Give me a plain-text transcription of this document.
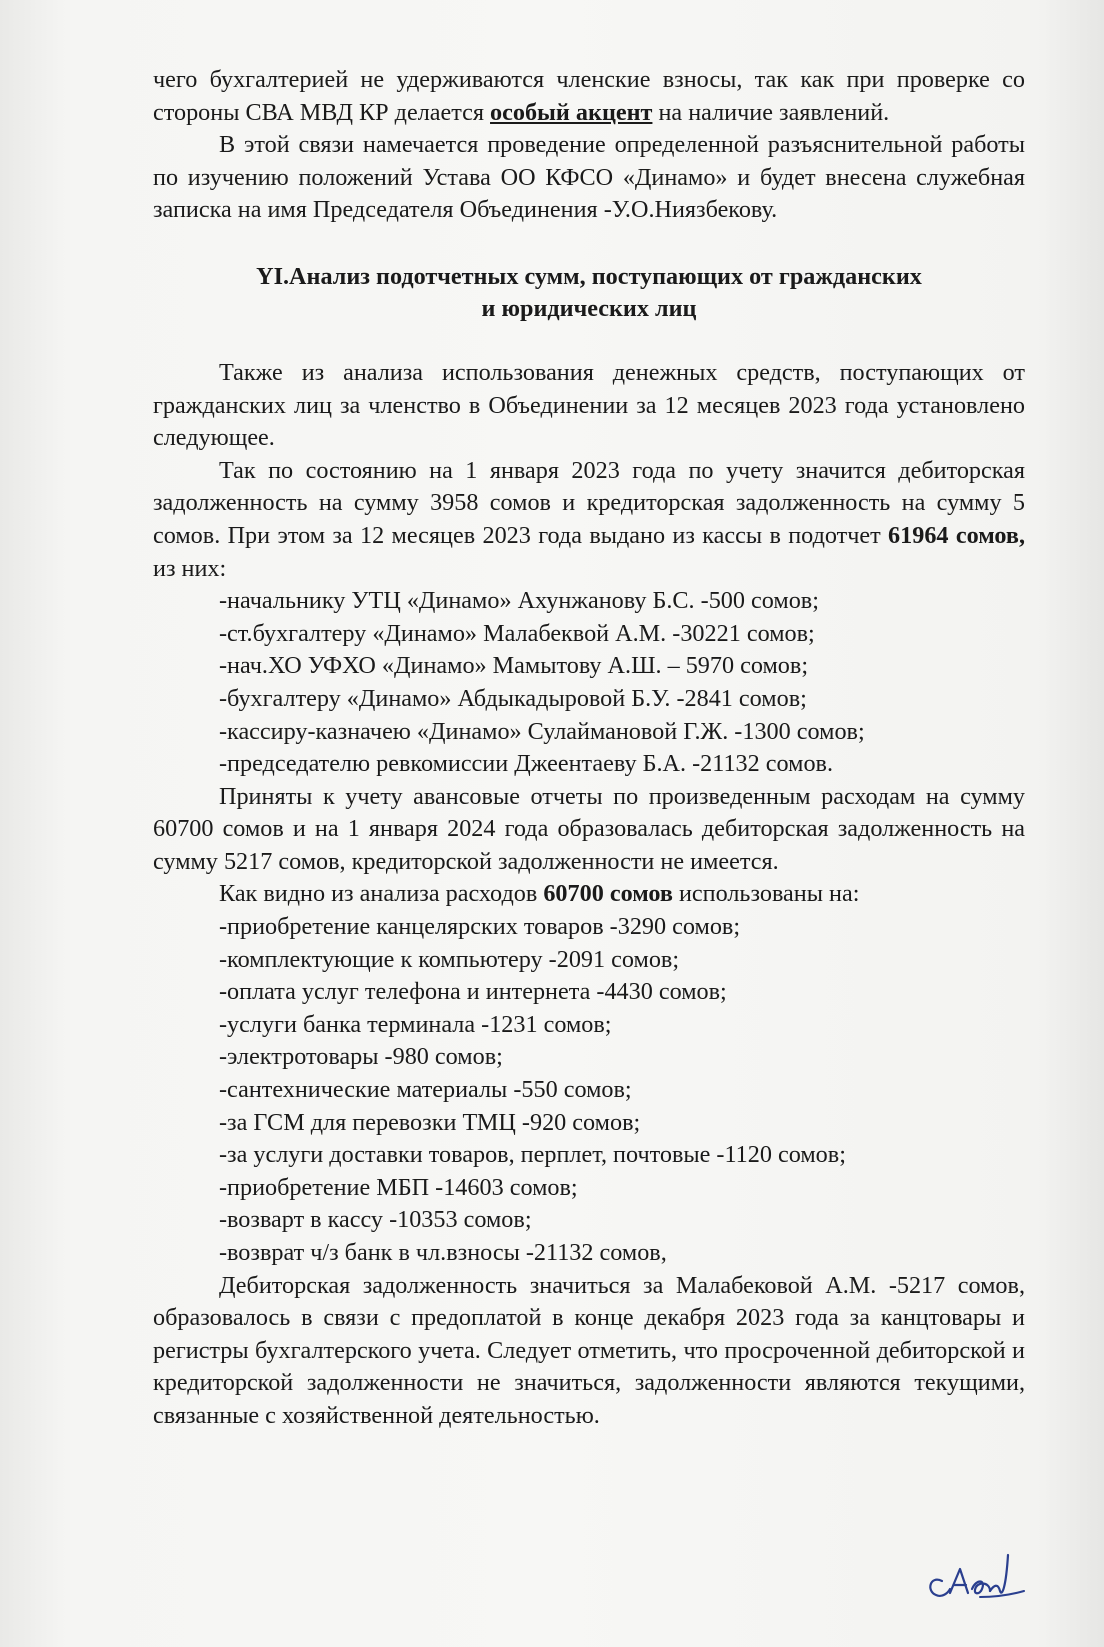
чего бухгалтерией не удерживаются членские взносы, так как при проверке со стороны СВА МВД КР делается особый акцент на наличие заявлений.

В этой связи намечается проведение определенной разъяснительной работы по изучению положений Устава ОО КФСО «Динамо» и будет внесена служебная записка на имя Председателя Объединения -У.О.Ниязбекову.

YI.Анализ подотчетных сумм, поступающих от гражданских
и юридических лиц

Также из анализа использования денежных средств, поступающих от гражданских лиц за членство в Объединении за 12 месяцев 2023 года установлено следующее.

Так по состоянию на 1 января 2023 года по учету значится дебиторская задолженность на сумму 3958 сомов и кредиторская задолженность на сумму 5 сомов. При этом за 12 месяцев 2023 года выдано из кассы в подотчет 61964 сомов, из них:

-начальнику УТЦ «Динамо» Ахунжанову Б.С. -500 сомов;

-ст.бухгалтеру «Динамо» Малабеквой А.М. -30221 сомов;

-нач.ХО УФХО «Динамо» Мамытову А.Ш. – 5970 сомов;

-бухгалтеру «Динамо» Абдыкадыровой Б.У. -2841 сомов;

-кассиру-казначею «Динамо» Сулаймановой Г.Ж. -1300 сомов;

-председателю ревкомиссии Джеентаеву Б.А. -21132 сомов.

Приняты к учету авансовые отчеты по произведенным расходам на сумму 60700 сомов и на 1 января 2024 года образовалась дебиторская задолженность на сумму 5217 сомов, кредиторской задолженности не имеется.

Как видно из анализа расходов 60700 сомов использованы на:

-приобретение канцелярских товаров -3290 сомов;

-комплектующие к компьютеру -2091 сомов;

-оплата услуг телефона и интернета -4430 сомов;

-услуги банка терминала -1231 сомов;

-электротовары -980 сомов;

-сантехнические материалы -550 сомов;

-за ГСМ для перевозки ТМЦ -920 сомов;

-за услуги доставки товаров, перплет, почтовые -1120 сомов;

-приобретение МБП -14603 сомов;

-возварт в кассу -10353 сомов;

-возврат ч/з банк в чл.взносы -21132 сомов,

Дебиторская задолженность значиться за Малабековой А.М. -5217 сомов, образовалось в связи с предоплатой в конце декабря 2023 года за канцтовары и регистры бухгалтерского учета. Следует отметить, что просроченной дебиторской и кредиторской задолженности не значиться, задолженности являются текущими, связанные с хозяйственной деятельностью.
